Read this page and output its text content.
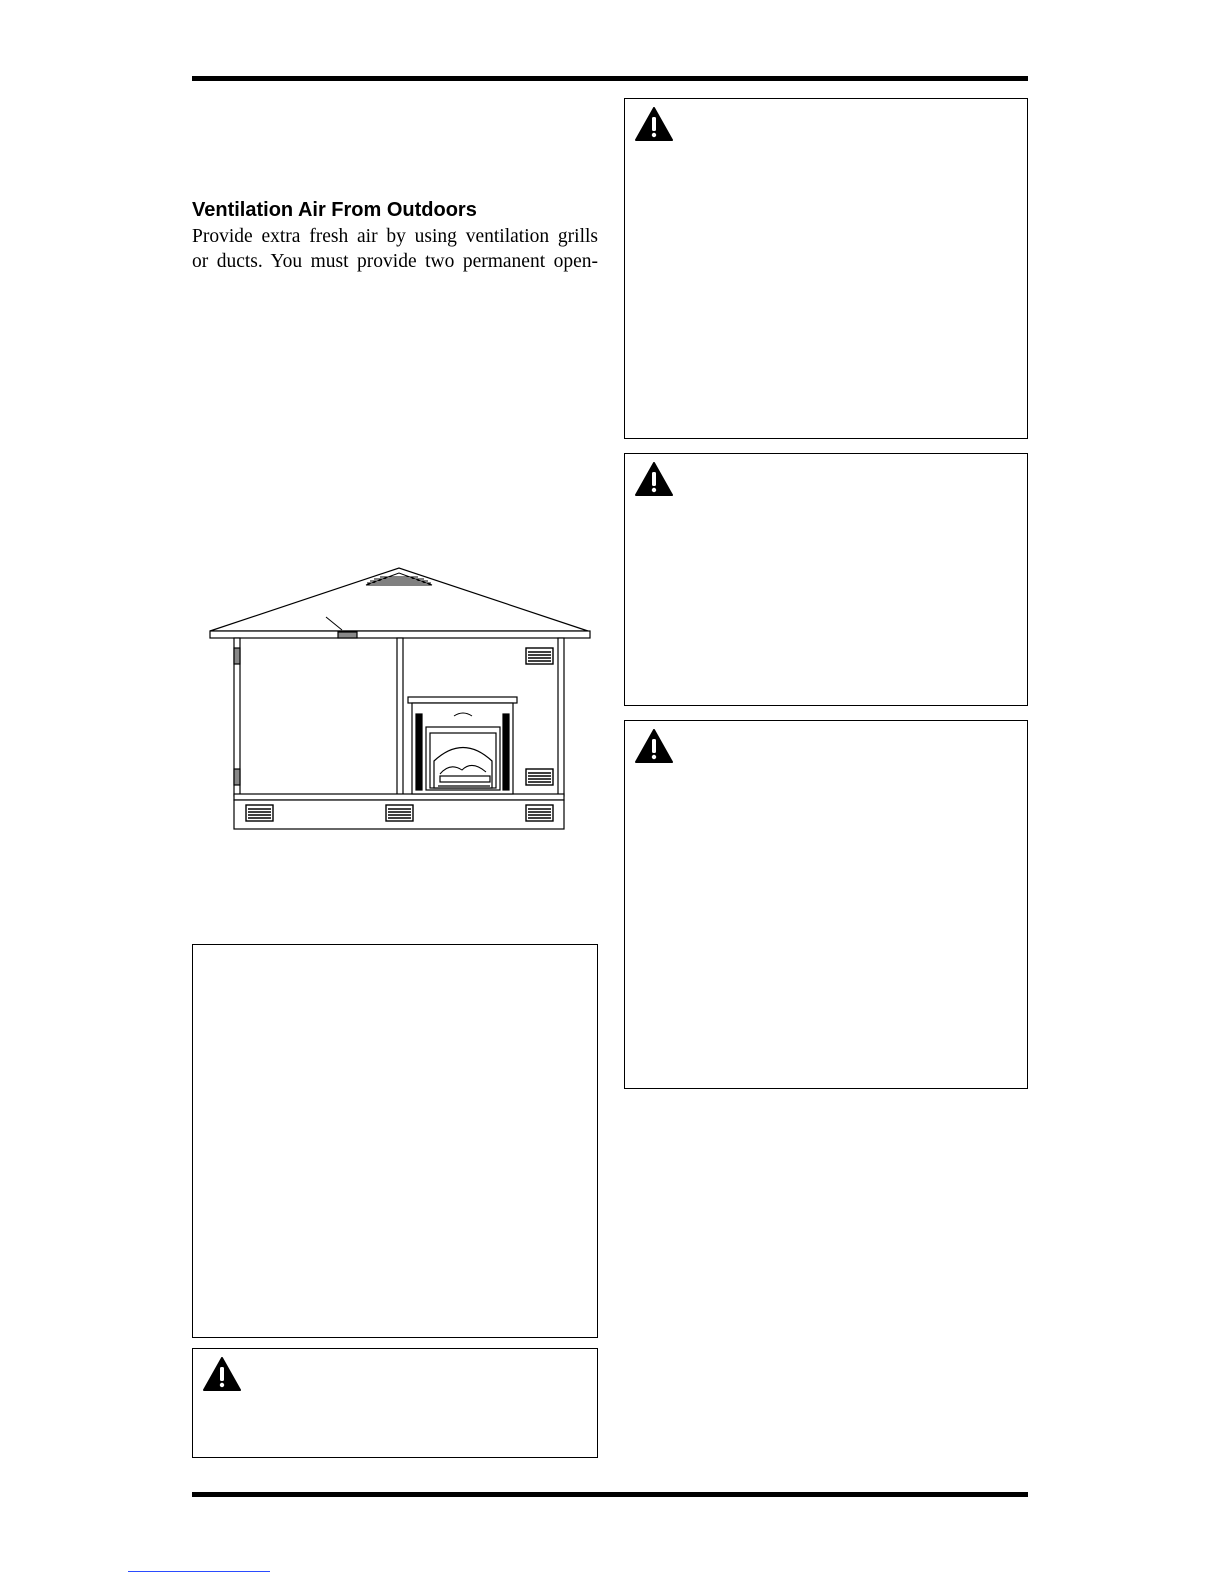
Ventilation Air From Outdoors

Provide extra fresh air by using ventilation grills
or ducts. You must provide two permanent open-
